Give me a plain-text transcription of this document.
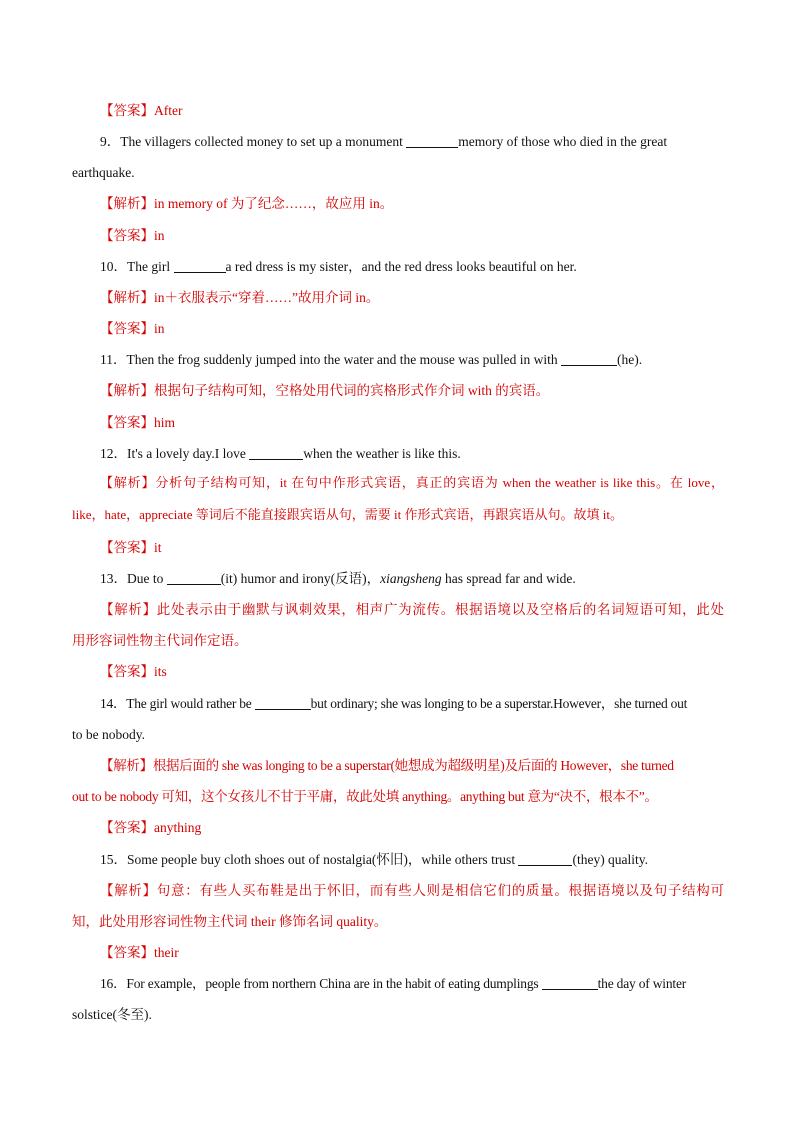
【答案】After
9．The villagers collected money to set up a monument	memory of those who died in the great
earthquake.
【解析】in memory of 为了纪念……，故应用 in。
【答案】in
10．The girl	a red dress is my sister，and the red dress looks beautiful on her.
【解析】in＋衣服表示“穿着……”故用介词 in。
【答案】in
11．Then the frog suddenly jumped into the water and the mouse was pulled in with	(he).
【解析】根据句子结构可知，空格处用代词的宾格形式作介词 with 的宾语。
【答案】him
12．It's a lovely day.I love	when the weather is like this.
【解析】分析句子结构可知，it 在句中作形式宾语，真正的宾语为 when the weather is like this。在 love，
like，hate，appreciate 等词后不能直接跟宾语从句，需要 it 作形式宾语，再跟宾语从句。故填 it。
【答案】it
13．Due to	(it) humor and irony(反语)，xiangsheng has spread far and wide.
【解析】此处表示由于幽默与讽刺效果，相声广为流传。根据语境以及空格后的名词短语可知，此处
用形容词性物主代词作定语。
【答案】its
14．The girl would rather be	but ordinary; she was longing to be a superstar.However，she turned out
to be nobody.
【解析】根据后面的 she was longing to be a superstar(她想成为超级明星)及后面的 However，she turned
out to be nobody 可知，这个女孩儿不甘于平庸，故此处填 anything。anything but 意为“决不，根本不”。
【答案】anything
15．Some people buy cloth shoes out of nostalgia(怀旧)，while others trust	(they) quality.
【解析】句意：有些人买布鞋是出于怀旧，而有些人则是相信它们的质量。根据语境以及句子结构可
知，此处用形容词性物主代词 their 修饰名词 quality。
【答案】their
16．For example，people from northern China are in the habit of eating dumplings	the day of winter
solstice(冬至).
